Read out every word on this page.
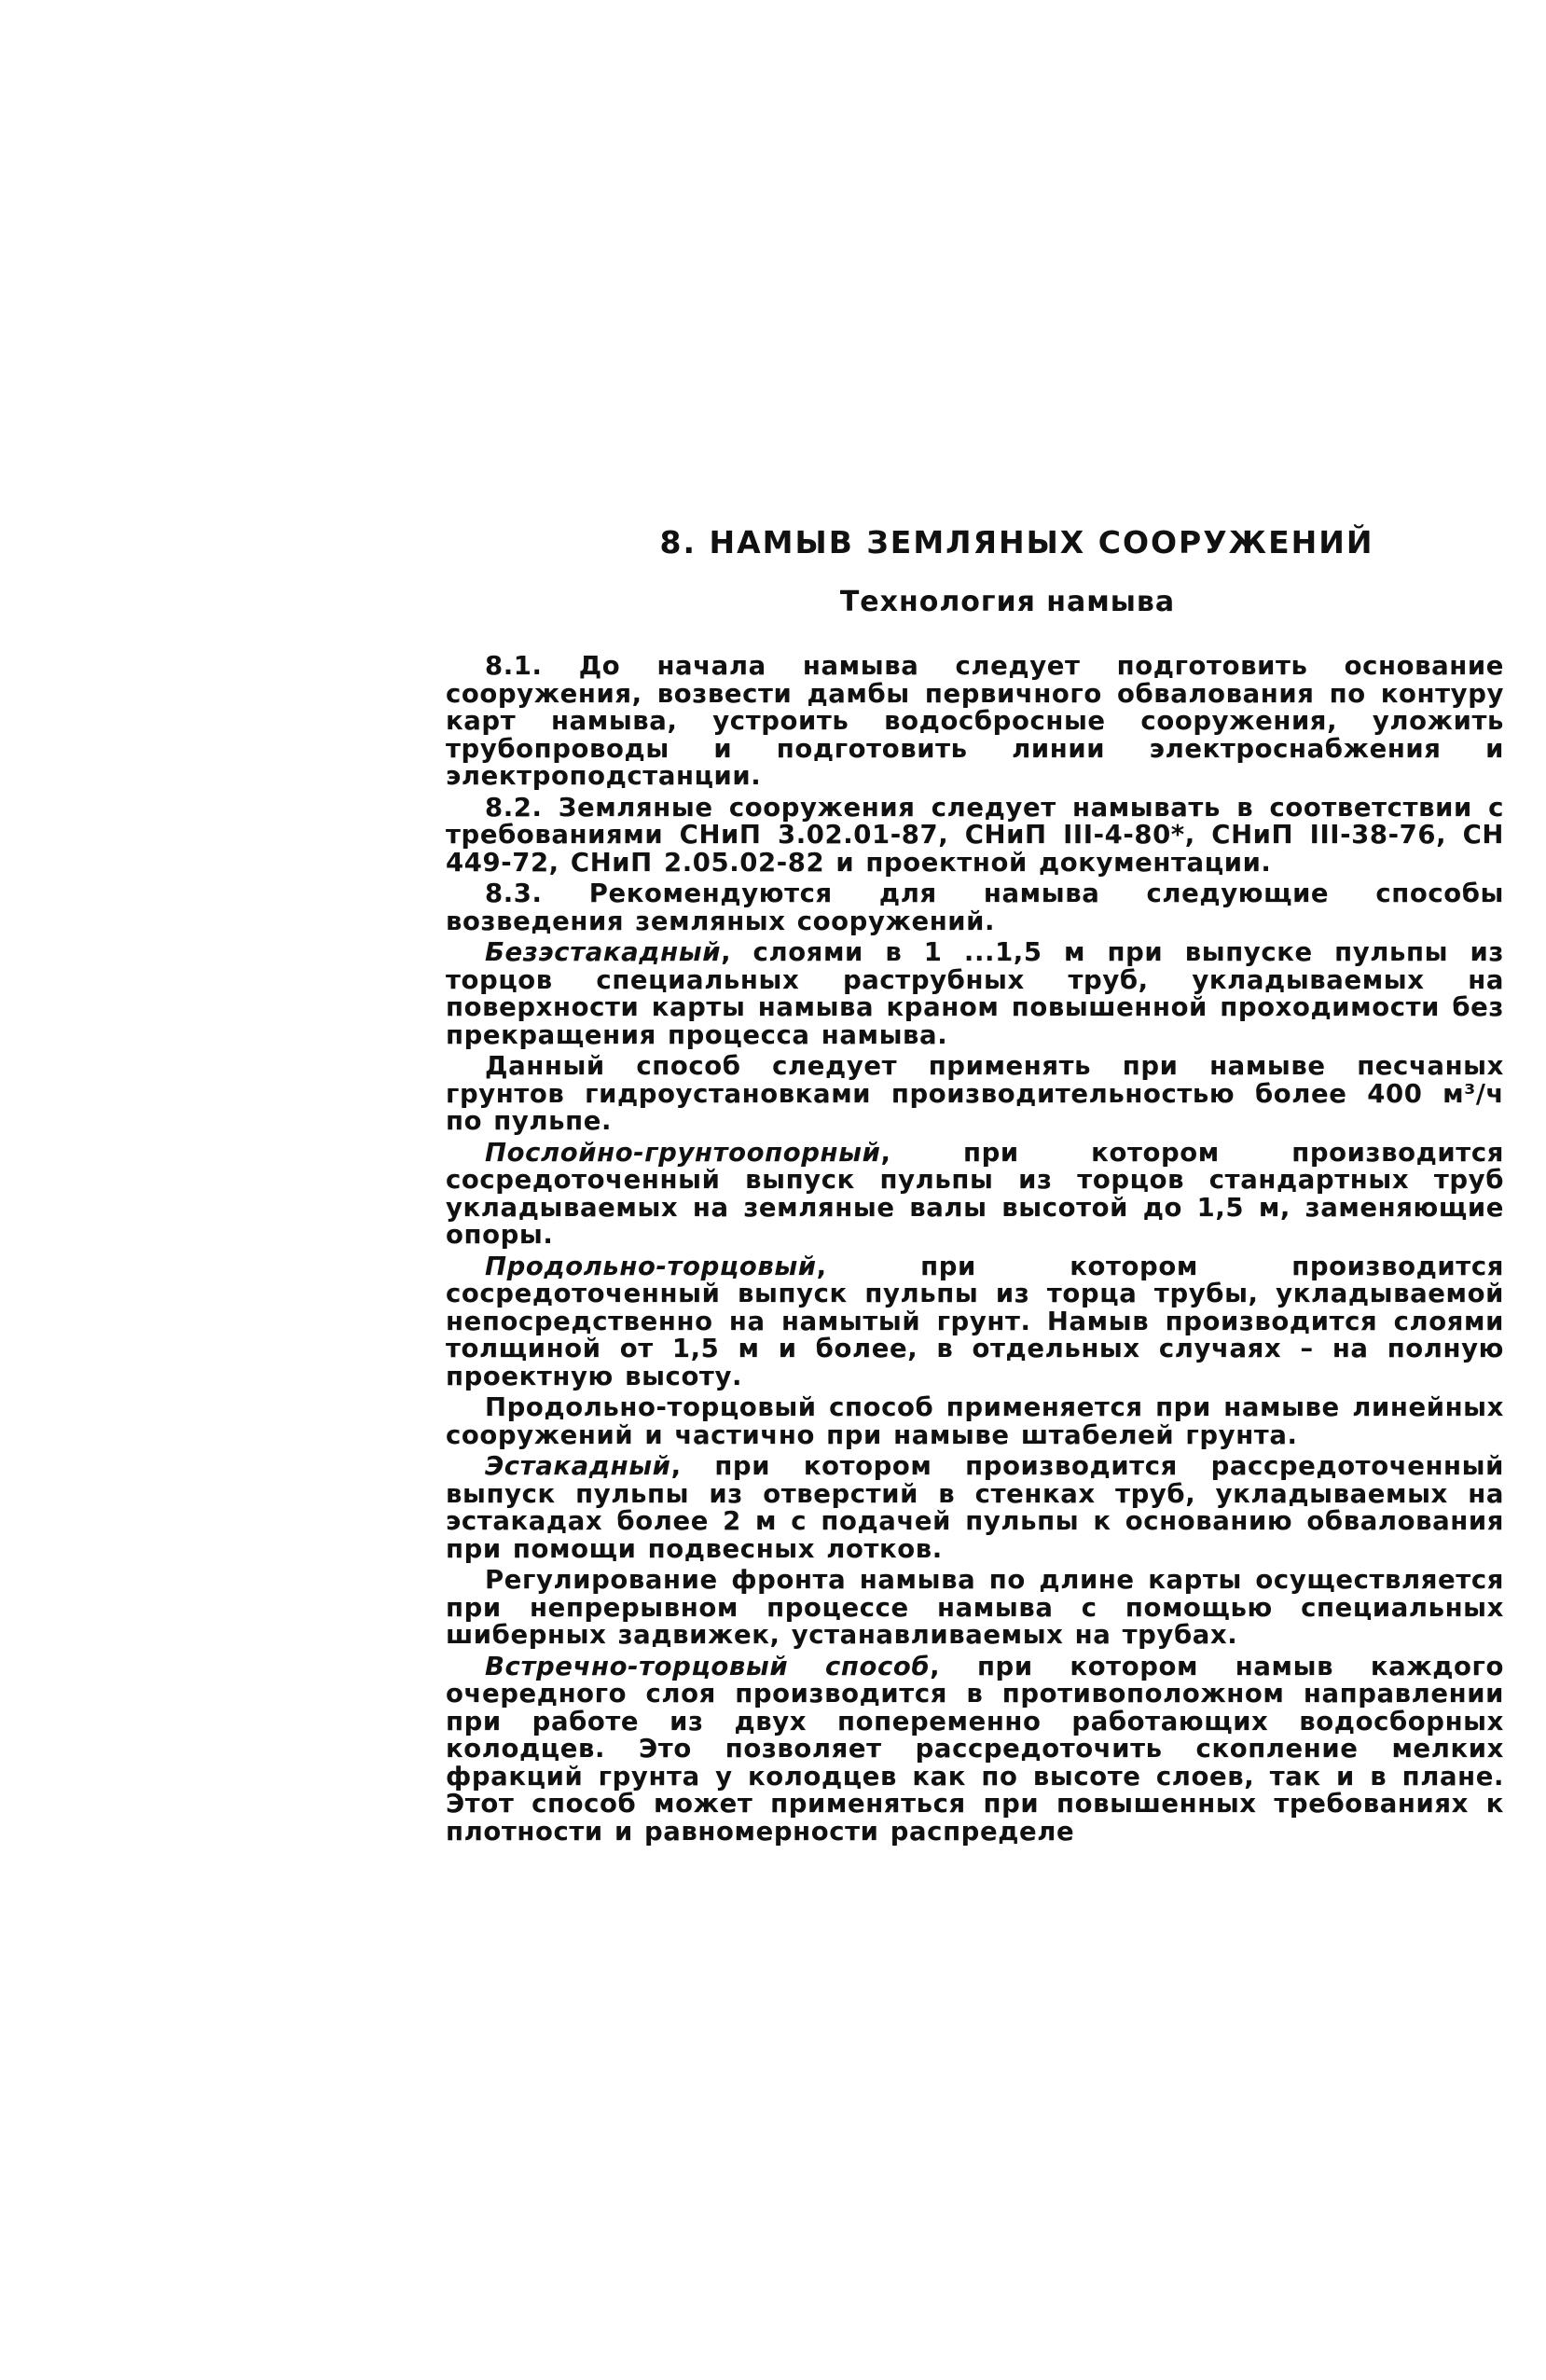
8. НАМЫВ ЗЕМЛЯНЫХ СООРУЖЕНИЙ
Технология намыва

8.1. До начала намыва следует подготовить основание сооружения, возвести дамбы первичного обвалования по контуру карт намыва, устроить водосбросные сооружения, уложить трубопроводы и подготовить линии электроснабжения и электроподстанции.

8.2. Земляные сооружения следует намывать в соответствии с требованиями СНиП 3.02.01-87, СНиП III-4-80*, СНиП III-38-76, СН 449-72, СНиП 2.05.02-82 и проектной документации.

8.3. Рекомендуются для намыва следующие способы возведения земляных сооружений.

Безэстакадный, слоями в 1 ...1,5 м при выпуске пульпы из торцов специальных раструбных труб, укладываемых на поверхности карты намыва краном повышенной проходимости без прекращения процесса намыва.

Данный способ следует применять при намыве песчаных грунтов гидроустановками производительностью более 400 м³/ч по пульпе.

Послойно-грунтоопорный, при котором производится сосредоточенный выпуск пульпы из торцов стандартных труб укладываемых на земляные валы высотой до 1,5 м, заменяющие опоры.

Продольно-торцовый, при котором производится сосредоточенный выпуск пульпы из торца трубы, укладываемой непосредственно на намытый грунт. Намыв производится слоями толщиной от 1,5 м и более, в отдельных случаях – на полную проектную высоту.

Продольно-торцовый способ применяется при намыве линейных сооружений и частично при намыве штабелей грунта.

Эстакадный, при котором производится рассредоточенный выпуск пульпы из отверстий в стенках труб, укладываемых на эстакадах более 2 м с подачей пульпы к основанию обвалования при помощи подвесных лотков.

Регулирование фронта намыва по длине карты осуществляется при непрерывном процессе намыва с помощью специальных шиберных задвижек, устанавливаемых на трубах.

Встречно-торцовый способ, при котором намыв каждого очередного слоя производится в противоположном направлении при работе из двух попеременно работающих водосборных колодцев. Это позволяет рассредоточить скопление мелких фракций грунта у колодцев как по высоте слоев, так и в плане. Этот способ может применяться при повышенных требованиях к плотности и равномерности распределе
